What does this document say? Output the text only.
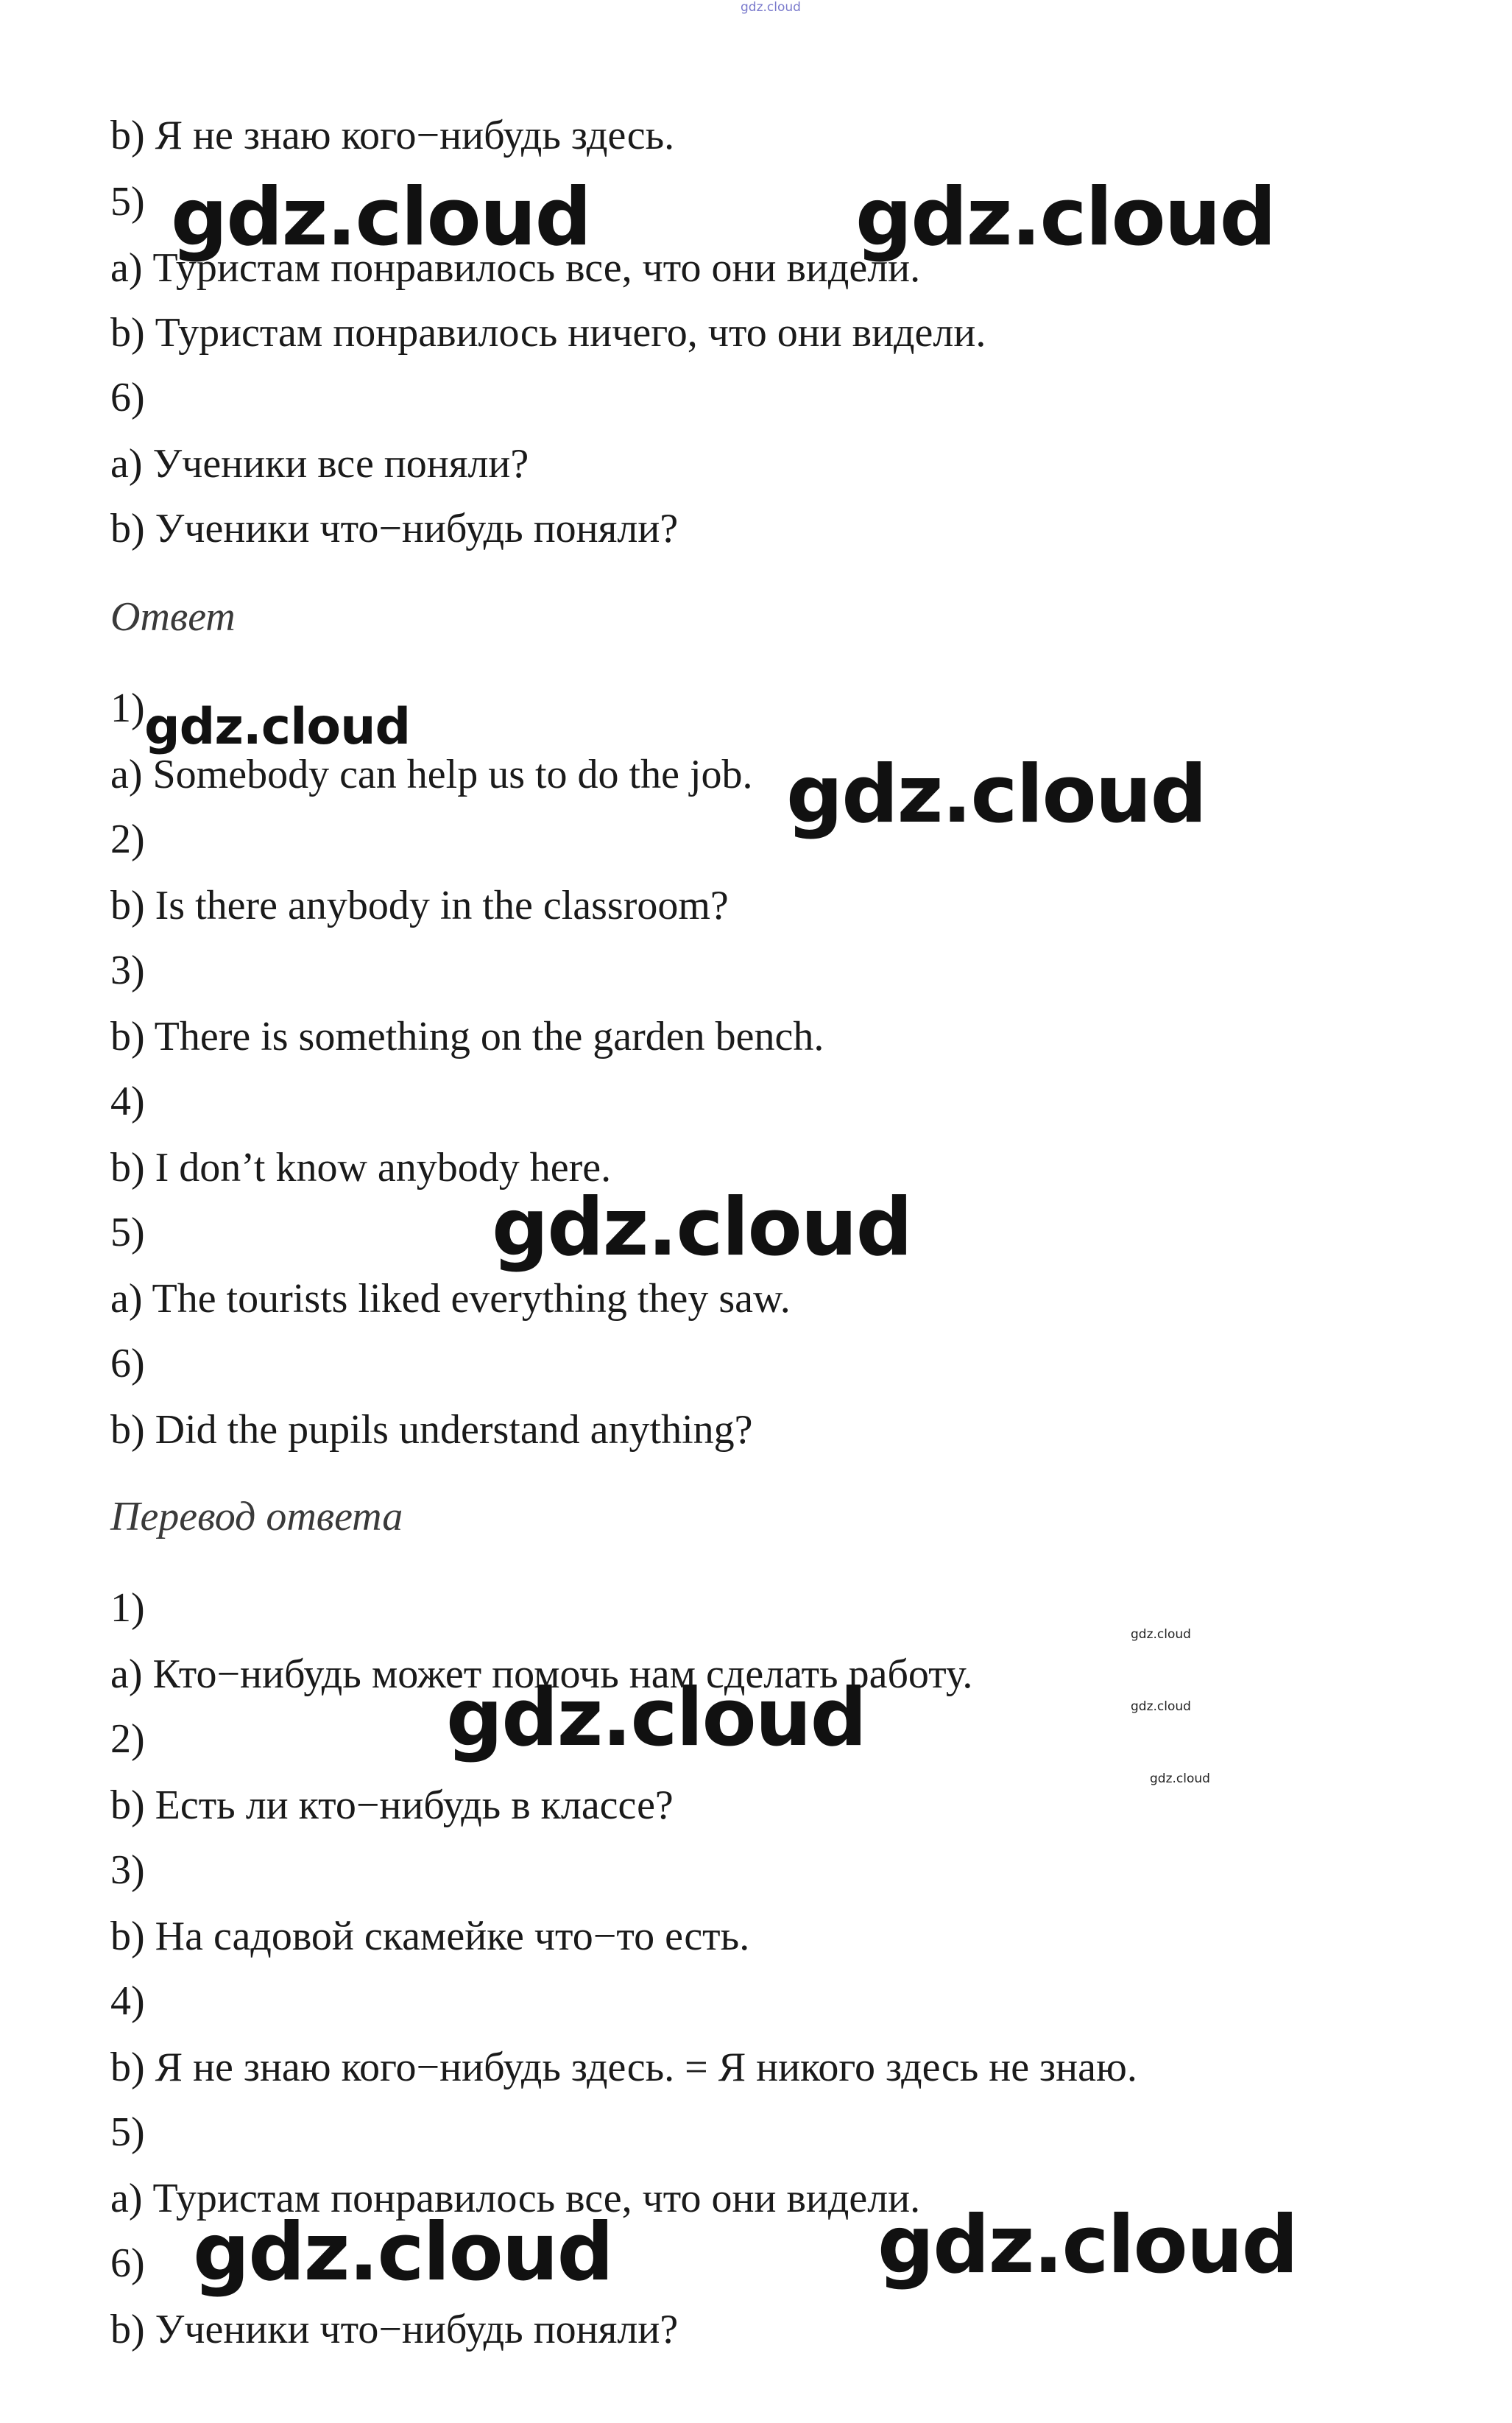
gdz.cloud
b) Я не знаю кого−нибудь здесь.
5)
a) Туристам понравилось все, что они видели.
b) Туристам понравилось ничего, что они видели.
6)
a) Ученики все поняли?
b) Ученики что−нибудь поняли?
Ответ
1)
a) Somebody can help us to do the job.
2)
b) Is there anybody in the classroom?
3)
b) There is something on the garden bench.
4)
b) I don’t know anybody here.
5)
a) The tourists liked everything they saw.
6)
b) Did the pupils understand anything?
Перевод ответа
1)
a) Кто−нибудь может помочь нам сделать работу.
2)
b) Есть ли кто−нибудь в классе?
3)
b) На садовой скамейке что−то есть.
4)
b) Я не знаю кого−нибудь здесь. = Я никого здесь не знаю.
5)
a) Туристам понравилось все, что они видели.
6)
b) Ученики что−нибудь поняли?
gdz.cloud	gdz.cloud
gdz.cloud
gdz.cloud
gdz.cloud
gdz.cloud
gdz.cloud	gdz.cloud
gdz.cloud
gdz.cloud
gdz.cloud
